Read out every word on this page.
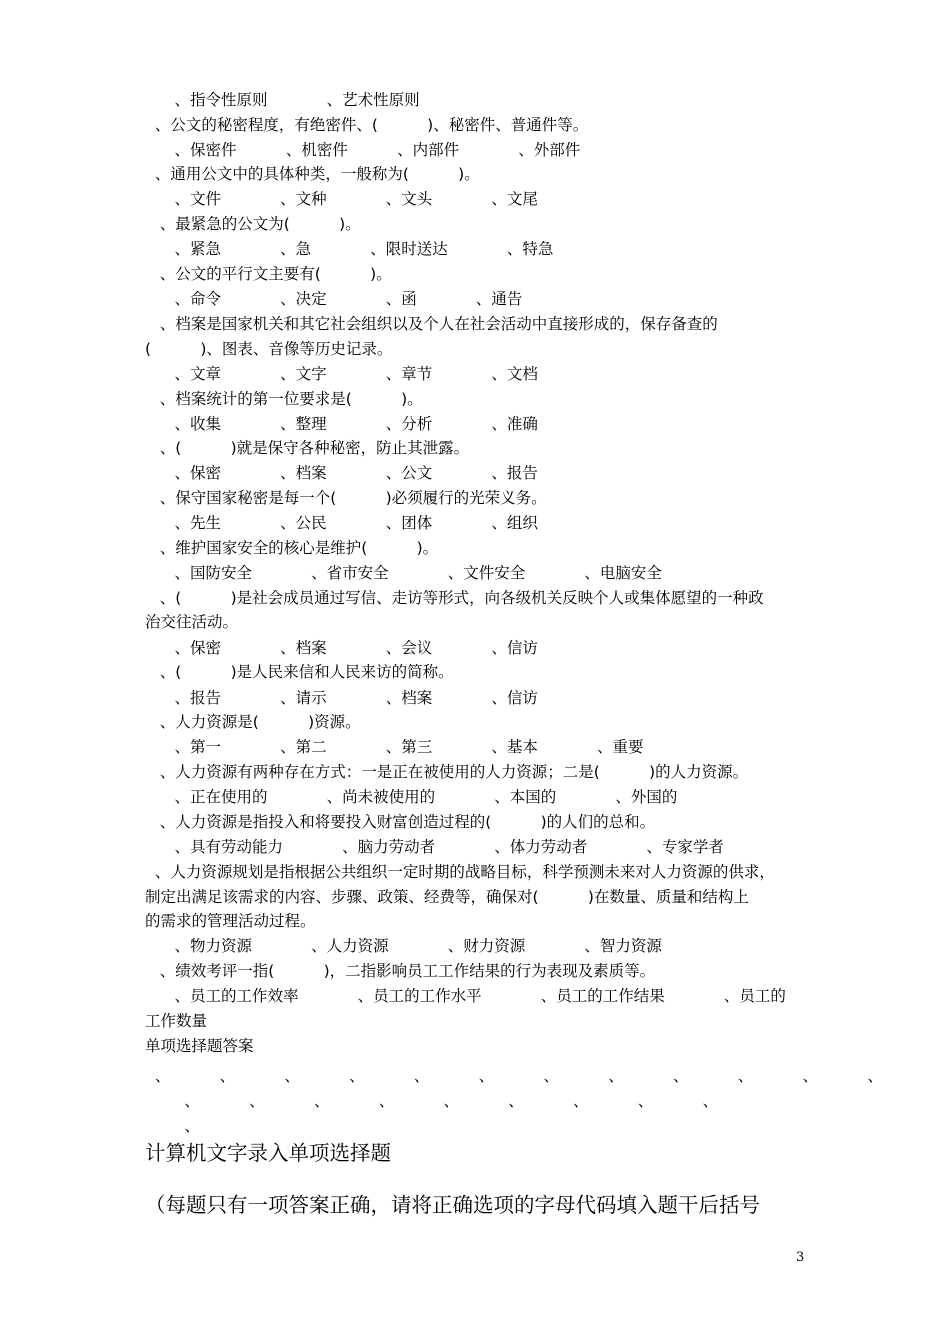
、指令性原则            、艺术性原则
、公文的秘密程度，有绝密件、(          )、秘密件、普通件等。
、保密件          、机密件          、内部件            、外部件
、通用公文中的具体种类，一般称为(          )。
、文件            、文种            、文头            、文尾
、最紧急的公文为(          )。
、紧急            、急            、限时送达            、特急
、公文的平行文主要有(          )。
、命令            、决定            、函            、通告
、档案是国家机关和其它社会组织以及个人在社会活动中直接形成的，保存备查的
(          )、图表、音像等历史记录。
、文章            、文字            、章节            、文档
、档案统计的第一位要求是(          )。
、收集            、整理            、分析            、准确
、(          )就是保守各种秘密，防止其泄露。
、保密            、档案            、公文            、报告
、保守国家秘密是每一个(          )必须履行的光荣义务。
、先生            、公民            、团体            、组织
、维护国家安全的核心是维护(          )。
、国防安全            、省市安全            、文件安全            、电脑安全
、(          )是社会成员通过写信、走访等形式，向各级机关反映个人或集体愿望的一种政
治交往活动。
、保密            、档案            、会议            、信访
、(          )是人民来信和人民来访的简称。
、报告            、请示            、档案            、信访
、人力资源是(          )资源。
、第一            、第二            、第三            、基本            、重要
、人力资源有两种存在方式：一是正在被使用的人力资源；二是(          )的人力资源。
、正在使用的            、尚未被使用的            、本国的            、外国的
、人力资源是指投入和将要投入财富创造过程的(          )的人们的总和。
、具有劳动能力            、脑力劳动者            、体力劳动者            、专家学者
、人力资源规划是指根据公共组织一定时期的战略目标，科学预测未来对人力资源的供求，
制定出满足该需求的内容、步骤、政策、经费等，确保对(          )在数量、质量和结构上
的需求的管理活动过程。
、物力资源            、人力资源            、财力资源            、智力资源
、绩效考评一指(          )，二指影响员工工作结果的行为表现及素质等。
、员工的工作效率            、员工的工作水平            、员工的工作结果            、员工的
工作数量
单项选择题答案
、          、          、          、          、          、          、          、          、          、          、          、
、          、          、          、          、          、          、          、          、
、
计算机文字录入单项选择题
（每题只有一项答案正确，请将正确选项的字母代码填入题干后括号
3
